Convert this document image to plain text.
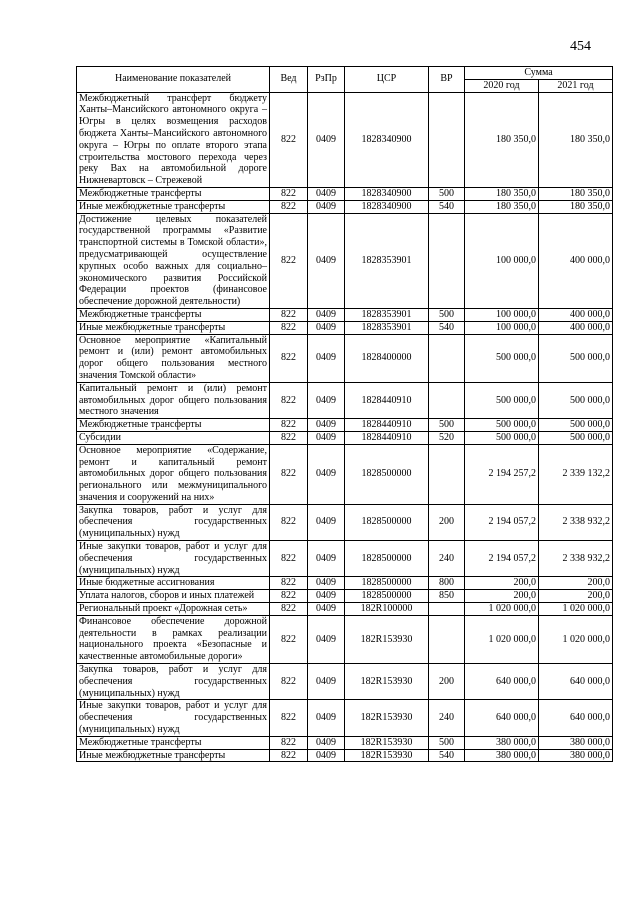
454
Наименование показателей	Вед	РзПр	ЦСР	ВР	Сумма	
					2020 год	2021 год
Межбюджетный трансферт бюджету Ханты–Мансийского автономного округа – Югры в целях возмещения расходов бюджета Ханты–Мансийского автономного округа – Югры по оплате второго этапа строительства мостового перехода через реку Вах на автомобильной дороге Нижневартовск – Стрежевой	822	0409	1828340900		180 350,0	180 350,0
Межбюджетные трансферты	822	0409	1828340900	500	180 350,0	180 350,0
Иные межбюджетные трансферты	822	0409	1828340900	540	180 350,0	180 350,0
Достижение целевых показателей государственной программы «Развитие транспортной системы в Томской области», предусматривающей осуществление крупных особо важных для социально–экономического развития Российской Федерации проектов (финансовое обеспечение дорожной деятельности)	822	0409	1828353901		100 000,0	400 000,0
Межбюджетные трансферты	822	0409	1828353901	500	100 000,0	400 000,0
Иные межбюджетные трансферты	822	0409	1828353901	540	100 000,0	400 000,0
Основное мероприятие «Капитальный ремонт и (или) ремонт автомобильных дорог общего пользования местного значения Томской области»	822	0409	1828400000		500 000,0	500 000,0
Капитальный ремонт и (или) ремонт автомобильных дорог общего пользования местного значения	822	0409	1828440910		500 000,0	500 000,0
Межбюджетные трансферты	822	0409	1828440910	500	500 000,0	500 000,0
Субсидии	822	0409	1828440910	520	500 000,0	500 000,0
Основное мероприятие «Содержание, ремонт и капитальный ремонт автомобильных дорог общего пользования регионального или межмуниципального значения и сооружений на них»	822	0409	1828500000		2 194 257,2	2 339 132,2
Закупка товаров, работ и услуг для обеспечения государственных (муниципальных) нужд	822	0409	1828500000	200	2 194 057,2	2 338 932,2
Иные закупки товаров, работ и услуг для обеспечения государственных (муниципальных) нужд	822	0409	1828500000	240	2 194 057,2	2 338 932,2
Иные бюджетные ассигнования	822	0409	1828500000	800	200,0	200,0
Уплата налогов, сборов и иных платежей	822	0409	1828500000	850	200,0	200,0
Региональный проект «Дорожная сеть»	822	0409	182R100000		1 020 000,0	1 020 000,0
Финансовое обеспечение дорожной деятельности в рамках реализации национального проекта «Безопасные и качественные автомобильные дороги»	822	0409	182R153930		1 020 000,0	1 020 000,0
Закупка товаров, работ и услуг для обеспечения государственных (муниципальных) нужд	822	0409	182R153930	200	640 000,0	640 000,0
Иные закупки товаров, работ и услуг для обеспечения государственных (муниципальных) нужд	822	0409	182R153930	240	640 000,0	640 000,0
Межбюджетные трансферты	822	0409	182R153930	500	380 000,0	380 000,0
Иные межбюджетные трансферты	822	0409	182R153930	540	380 000,0	380 000,0
